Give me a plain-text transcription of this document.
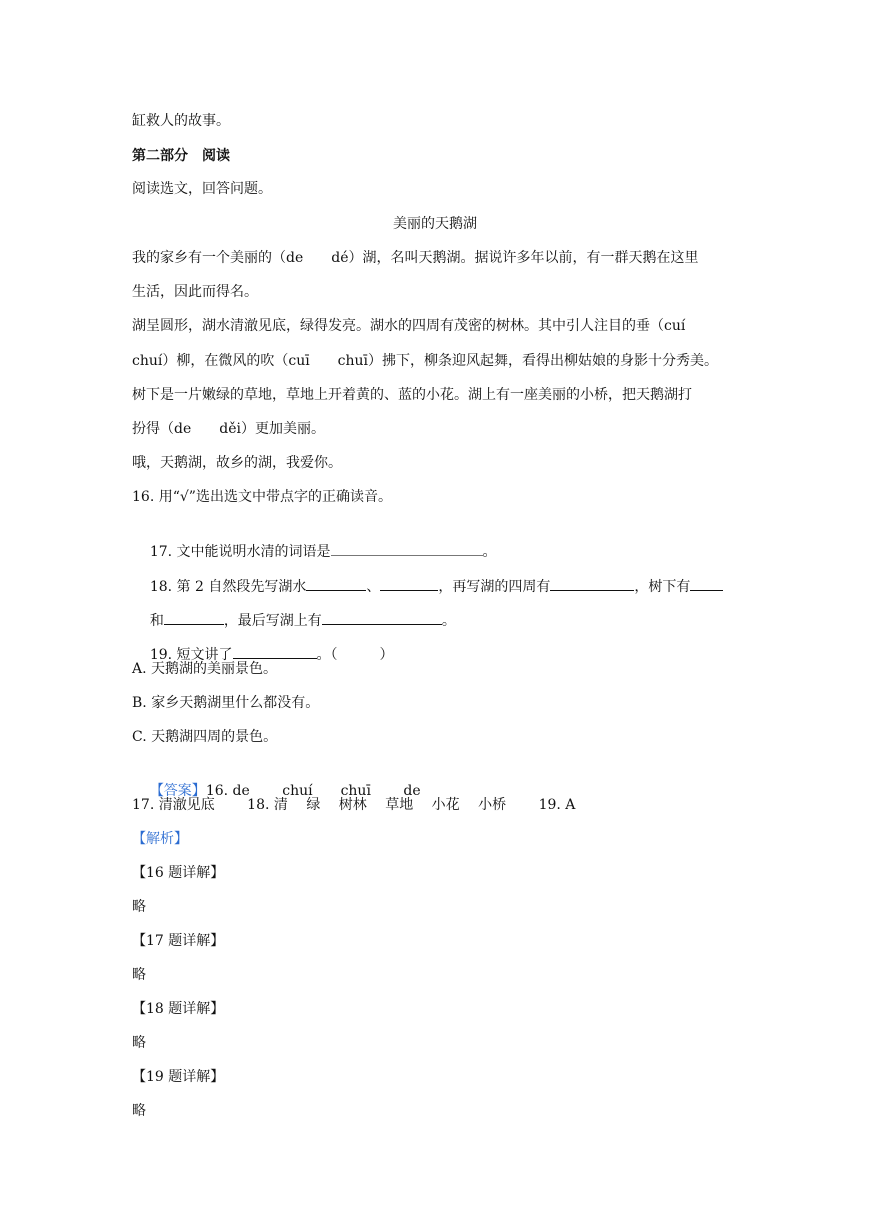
缸救人的故事。
第二部分　阅读
阅读选文，回答问题。
美丽的天鹅湖
我的家乡有一个美丽的（de　　dé）湖，名叫天鹅湖。据说许多年以前，有一群天鹅在这里
生活，因此而得名。
湖呈圆形，湖水清澈见底，绿得发亮。湖水的四周有茂密的树林。其中引人注目的垂（cuí
chuí）柳，在微风的吹（cuī　　chuī）拂下，柳条迎风起舞，看得出柳姑娘的身影十分秀美。
树下是一片嫩绿的草地，草地上开着黄的、蓝的小花。湖上有一座美丽的小桥，把天鹅湖打
扮得（de　　děi）更加美丽。
哦，天鹅湖，故乡的湖，我爱你。
16. 用“√”选出选文中带点字的正确读音。

17. 文中能说明水清的词语是	。

18. 第 2 自然段先写湖水	、	，再写湖的四周有	，树下有

和	，最后写湖上有	。

19. 短文讲了	。（　　　）

A. 天鹅湖的美丽景色。
B. 家乡天鹅湖里什么都没有。
C. 天鹅湖四周的景色。

【答案】16. de　　 chuí　　chuī　　 de

17. 清澈见底　　 18. 清　 绿　 树林　 草地　 小花　 小桥　　 19. A
【解析】
【16 题详解】
略
【17 题详解】
略
【18 题详解】
略
【19 题详解】
略
